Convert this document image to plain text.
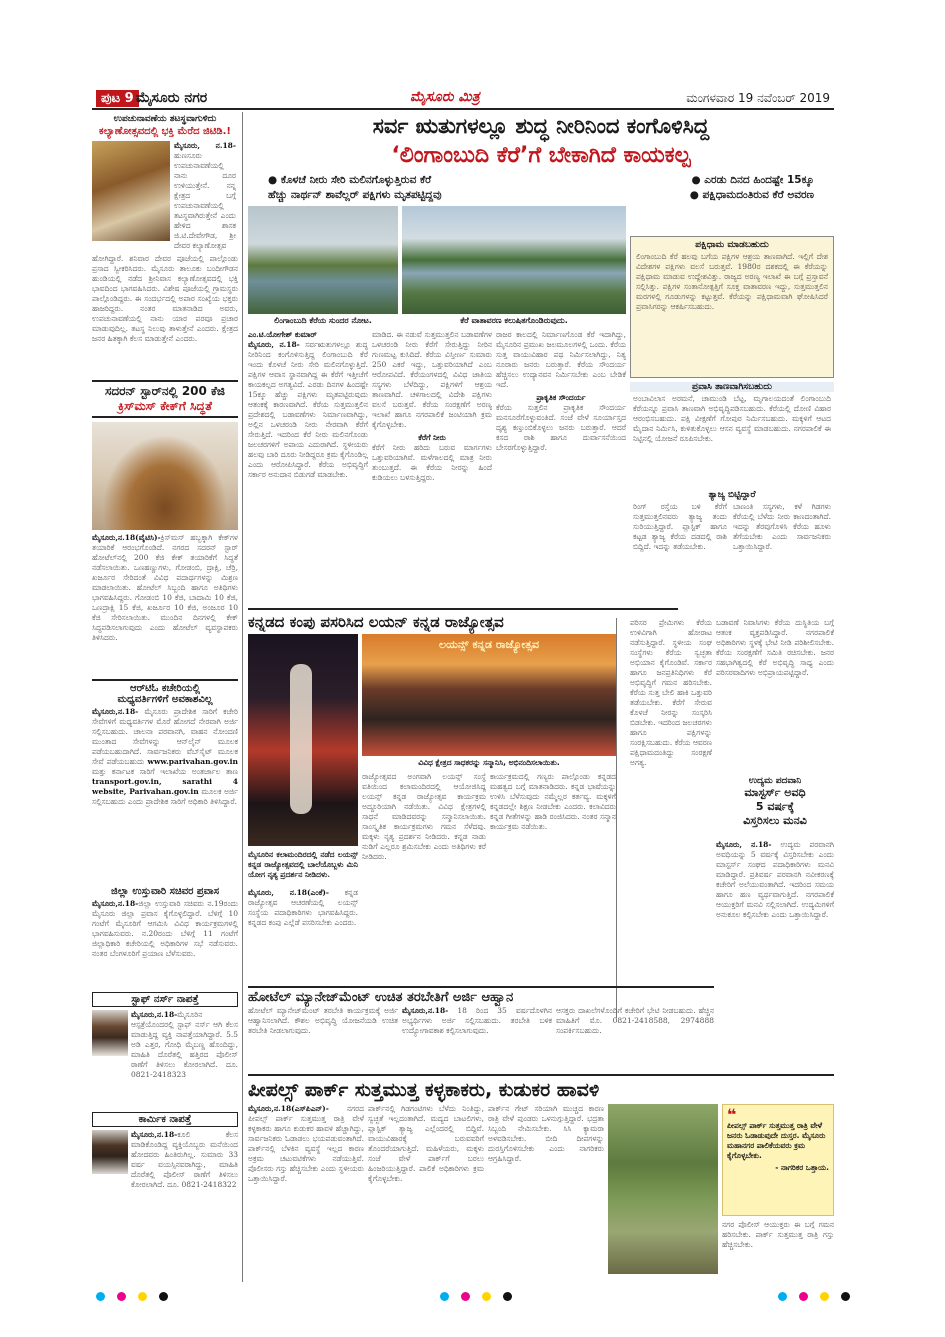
ಪುಟ 9 ಮೈಸೂರು ನಗರ	ಮೈಸೂರು ಮಿತ್ರ	ಮಂಗಳವಾರ 19 ನವೆಂಬರ್ 2019
ಉಪಚುನಾವಣೆಯ ತಟಸ್ಥವಾಗುಳಿದು
ಕಲ್ಯಾಣೋತ್ಸವದಲ್ಲಿ ಭಕ್ತಿ ಮೆರೆದ ಜಿಟಿಡಿ.!
ಮೈಸೂರು, ನ.18-ಹುಣಸೂರು ಉಪಚುನಾವಣೆಯಲ್ಲಿ ನಾನು ದೂರ ಉಳಿಯುತ್ತೇನೆ. ನನ್ನ ಕ್ಷೇತ್ರದ ಬಗ್ಗೆ ಉಪಚುನಾವಣೆಯಲ್ಲಿ ತಟಸ್ಥವಾಗಿರುತ್ತೇನೆ ಎಂದು ಹೇಳಿದ ಶಾಸಕ ಜಿ.ಟಿ.ದೇವೇಗೌಡ, ಶ್ರೀ ದೇವರ ಕಲ್ಯಾಣೋತ್ಸವ
ಹೋಗಿದ್ದಾರೆ. ಶನಿವಾರ ದೇವರ ಪೂಜೆಯಲ್ಲಿ ಪಾಲ್ಗೊಂಡು ಪ್ರಸಾದ ಸ್ವೀಕರಿಸಿದರು. ಮೈಸೂರು ತಾಲೂಕು ಬಂದೀಗೌಡನ ಹುಂಡಿಯಲ್ಲಿ ನಡೆದ ಶ್ರೀನಿವಾಸ ಕಲ್ಯಾಣೋತ್ಸವದಲ್ಲಿ ಭಕ್ತಿ ಭಾವದಿಂದ ಭಾಗವಹಿಸಿದರು. ವಿಶೇಷ ಪೂಜೆಯಲ್ಲಿ ಗ್ರಾಮಸ್ಥರು ಪಾಲ್ಗೊಂಡಿದ್ದರು. ಈ ಸಂದರ್ಭದಲ್ಲಿ ಅಪಾರ ಸಂಖ್ಯೆಯ ಭಕ್ತರು ಹಾಜರಿದ್ದರು. ನಂತರ ಮಾತನಾಡಿದ ಅವರು, ಉಪಚುನಾವಣೆಯಲ್ಲಿ ನಾನು ಯಾರ ಪರವೂ ಪ್ರಚಾರ ಮಾಡುವುದಿಲ್ಲ. ತಟಸ್ಥ ನಿಲುವು ತಾಳುತ್ತೇನೆ ಎಂದರು. ಕ್ಷೇತ್ರದ ಜನರ ಹಿತಕ್ಕಾಗಿ ಕೆಲಸ ಮಾಡುತ್ತೇನೆ ಎಂದರು.
ಸದರನ್ ಸ್ಟಾರ್‌ನಲ್ಲಿ 200 ಕೆಜಿ
ಕ್ರಿಸ್‌ಮಸ್ ಕೇಕ್‌ಗೆ ಸಿದ್ಧತೆ
ಮೈಸೂರು,ನ.18(ವೈಟಿಸಿ)-ಕ್ರಿಸ್‌ಮಸ್ ಹಬ್ಬಕ್ಕಾಗಿ ಕೇಕ್‌ಗಳ ತಯಾರಿಕೆ ಆರಂಭಗೊಂಡಿದೆ. ನಗರದ ಸದರನ್ ಸ್ಟಾರ್ ಹೋಟೆಲ್‌ನಲ್ಲಿ 200 ಕೆಜಿ ಕೇಕ್ ತಯಾರಿಕೆಗೆ ಸಿದ್ಧತೆ ನಡೆಸಲಾಯಿತು. ಒಣಹಣ್ಣುಗಳು, ಗೋಡಂಬಿ, ದ್ರಾಕ್ಷಿ, ಚೆರ್ರಿ, ಖರ್ಜೂರ ಸೇರಿದಂತೆ ವಿವಿಧ ಪದಾರ್ಥಗಳನ್ನು ಮಿಶ್ರಣ ಮಾಡಲಾಯಿತು. ಹೋಟೆಲ್ ಸಿಬ್ಬಂದಿ ಹಾಗೂ ಅತಿಥಿಗಳು ಭಾಗವಹಿಸಿದ್ದರು. ಗೋಡಂಬಿ 10 ಕೆಜಿ, ಬಾದಾಮಿ 10 ಕೆಜಿ, ಒಣದ್ರಾಕ್ಷಿ 15 ಕೆಜಿ, ಖರ್ಜೂರ 10 ಕೆಜಿ, ಅಂಜೂರ 10 ಕೆಜಿ ಸೇರಿಸಲಾಯಿತು. ಮುಂದಿನ ದಿನಗಳಲ್ಲಿ ಕೇಕ್ ಸಿದ್ಧಪಡಿಸಲಾಗುವುದು ಎಂದು ಹೋಟೆಲ್ ವ್ಯವಸ್ಥಾಪಕರು ತಿಳಿಸಿದರು.
ಆರ್‌ಟಿಓ ಕಚೇರಿಯಲ್ಲಿ
ಮಧ್ಯವರ್ತಿಗಳಿಗೆ ಅವಕಾಶವಿಲ್ಲ
ಮೈಸೂರು,ನ.18- ಮೈಸೂರು ಪ್ರಾದೇಶಿಕ ಸಾರಿಗೆ ಕಚೇರಿ ಸೇವೆಗಳಿಗೆ ಮಧ್ಯವರ್ತಿಗಳ ಮೊರೆ ಹೋಗದೆ ನೇರವಾಗಿ ಅರ್ಜಿ ಸಲ್ಲಿಸಬಹುದು. ಚಾಲನಾ ಪರವಾನಗಿ, ವಾಹನ ನೋಂದಣಿ ಮುಂತಾದ ಸೇವೆಗಳನ್ನು ಆನ್‌ಲೈನ್ ಮೂಲಕ ಪಡೆಯಬಹುದಾಗಿದೆ. ಸಾರ್ವಜನಿಕರು ವೆಬ್‌ಸೈಟ್ ಮೂಲಕ ಸೇವೆ ಪಡೆಯಬಹುದು www.parivahan.gov.in ಮತ್ತು ಕರ್ನಾಟಕ ಸಾರಿಗೆ ಇಲಾಖೆಯ ಅಂತರ್ಜಾಲ ತಾಣ transport.gov.in, sarathi 4 website, Parivahan.gov.in ಮೂಲಕ ಅರ್ಜಿ ಸಲ್ಲಿಸಬಹುದು ಎಂದು ಪ್ರಾದೇಶಿಕ ಸಾರಿಗೆ ಅಧಿಕಾರಿ ತಿಳಿಸಿದ್ದಾರೆ.
ಜಿಲ್ಲಾ ಉಸ್ತುವಾರಿ ಸಚಿವರ ಪ್ರವಾಸ
ಮೈಸೂರು,ನ.18-ಜಿಲ್ಲಾ ಉಸ್ತುವಾರಿ ಸಚಿವರು ನ.19ರಂದು ಮೈಸೂರು ಜಿಲ್ಲಾ ಪ್ರವಾಸ ಕೈಗೊಳ್ಳಲಿದ್ದಾರೆ. ಬೆಳಿಗ್ಗೆ 10 ಗಂಟೆಗೆ ಮೈಸೂರಿಗೆ ಆಗಮಿಸಿ ವಿವಿಧ ಕಾರ್ಯಕ್ರಮಗಳಲ್ಲಿ ಭಾಗವಹಿಸುವರು. ನ.20ರಂದು ಬೆಳಿಗ್ಗೆ 11 ಗಂಟೆಗೆ ಜಿಲ್ಲಾಧಿಕಾರಿ ಕಚೇರಿಯಲ್ಲಿ ಅಧಿಕಾರಿಗಳ ಸಭೆ ನಡೆಸುವರು. ನಂತರ ಬೆಂಗಳೂರಿಗೆ ಪ್ರಯಾಣ ಬೆಳೆಸುವರು.
ಸ್ಟಾಫ್ ನರ್ಸ್ ನಾಪತ್ತೆ
ಮೈಸೂರು,ನ.18-ಮೈಸೂರಿನ ಆಸ್ಪತ್ರೆಯೊಂದರಲ್ಲಿ ಸ್ಟಾಫ್ ನರ್ಸ್ ಆಗಿ ಕೆಲಸ ಮಾಡುತ್ತಿದ್ದ ವ್ಯಕ್ತಿ ನಾಪತ್ತೆಯಾಗಿದ್ದಾರೆ. 5.5 ಅಡಿ ಎತ್ತರ, ಗೋಧಿ ಮೈಬಣ್ಣ ಹೊಂದಿದ್ದು, ಮಾಹಿತಿ ದೊರೆತಲ್ಲಿ ಹತ್ತಿರದ ಪೊಲೀಸ್ ಠಾಣೆಗೆ ತಿಳಿಸಲು ಕೋರಲಾಗಿದೆ. ದೂ. 0821-2418323
ಕಾರ್ಮಿಕ ನಾಪತ್ತೆ
ಮೈಸೂರು,ನ.18-ಕೂಲಿ ಕೆಲಸ ಮಾಡಿಕೊಂಡಿದ್ದ ವ್ಯಕ್ತಿಯೊಬ್ಬರು ಮನೆಯಿಂದ ಹೋದವರು ಹಿಂತಿರುಗಿಲ್ಲ. ಸುಮಾರು 33 ವರ್ಷ ವಯಸ್ಸಿನವರಾಗಿದ್ದು, ಮಾಹಿತಿ ದೊರೆತಲ್ಲಿ ಪೊಲೀಸ್ ಠಾಣೆಗೆ ತಿಳಿಸಲು ಕೋರಲಾಗಿದೆ. ದೂ. 0821-2418322
ಸರ್ವ ಋತುಗಳಲ್ಲೂ ಶುದ್ಧ ನೀರಿನಿಂದ ಕಂಗೊಳಿಸಿದ್ದ
‘ಲಿಂಗಾಂಬುದಿ ಕೆರೆ’ಗೆ ಬೇಕಾಗಿದೆ ಕಾಯಕಲ್ಪ
● ಕೊಳಚೆ ನೀರು ಸೇರಿ ಮಲಿನಗೊಳ್ಳುತ್ತಿರುವ ಕೆರೆ	● ಎರಡು ದಿನದ ಹಿಂದಷ್ಟೇ 15ಕ್ಕೂ
ಹೆಚ್ಚು ನಾರ್ಥನ್ ಶಾವೆಲ್ಲರ್ ಪಕ್ಷಿಗಳು ಮೃತಪಟ್ಟಿದ್ದವು	● ಪಕ್ಷಿಧಾಮದಂತಿರುವ ಕೆರೆ ಅವರಣ
ಲಿಂಗಾಂಬುದಿ ಕೆರೆಯ ಸುಂದರ ನೋಟ.	ಕೆರೆ ವಾತಾವರಣ ಕಲುಷಿತಗೊಂಡಿರುವುದು.
ಎಂ.ಟಿ.ಯೋಗೇಶ್ ಕುಮಾರ್
ಮೈಸೂರು, ನ.18- ಸರ್ವಋತುಗಳಲ್ಲೂ ಶುದ್ಧ ನೀರಿನಿಂದ ಕಂಗೊಳಿಸುತ್ತಿದ್ದ ಲಿಂಗಾಂಬುದಿ ಕೆರೆ ಇಂದು ಕೊಳಚೆ ನೀರು ಸೇರಿ ಮಲಿನಗೊಳ್ಳುತ್ತಿದೆ. ಪಕ್ಷಿಗಳ ಆವಾಸ ಸ್ಥಾನವಾಗಿದ್ದ ಈ ಕೆರೆಗೆ ಇತ್ತೀಚೆಗೆ ಕಾಯಕಲ್ಪದ ಅಗತ್ಯವಿದೆ. ಎರಡು ದಿನಗಳ ಹಿಂದಷ್ಟೇ 15ಕ್ಕೂ ಹೆಚ್ಚು ಪಕ್ಷಿಗಳು ಮೃತಪಟ್ಟಿರುವುದು ಆತಂಕಕ್ಕೆ ಕಾರಣವಾಗಿದೆ. ಕೆರೆಯ ಸುತ್ತಮುತ್ತಲಿನ ಪ್ರದೇಶದಲ್ಲಿ ಬಡಾವಣೆಗಳು ನಿರ್ಮಾಣವಾಗಿದ್ದು, ಅಲ್ಲಿನ ಒಳಚರಂಡಿ ನೀರು ನೇರವಾಗಿ ಕೆರೆಗೆ ಸೇರುತ್ತಿದೆ. ಇದರಿಂದ ಕೆರೆ ನೀರು ಮಲಿನಗೊಂಡು ಜಲಚರಗಳಿಗೆ ಅಪಾಯ ಎದುರಾಗಿದೆ. ಸ್ಥಳೀಯರು ಹಲವು ಬಾರಿ ದೂರು ನೀಡಿದ್ದರೂ ಕ್ರಮ ಕೈಗೊಂಡಿಲ್ಲ ಎಂದು ಆರೋಪಿಸಿದ್ದಾರೆ. ಕೆರೆಯ ಅಭಿವೃದ್ಧಿಗೆ ಸರ್ಕಾರ ಅನುದಾನ ಬಿಡುಗಡೆ ಮಾಡಬೇಕು.
ಮಾಡಿದ. ಈ ನಡುವೆ ಸುತ್ತಮುತ್ತಲಿನ ಬಡಾವಣೆಗಳ ಒಳಚರಂಡಿ ನೀರು ಕೆರೆಗೆ ಸೇರುತ್ತಿದ್ದು ನೀರಿನ ಗುಣಮಟ್ಟ ಕುಸಿದಿದೆ. ಕೆರೆಯ ವಿಸ್ತೀರ್ಣ ಸುಮಾರು 250 ಎಕರೆ ಇದ್ದು, ಒತ್ತುವರಿಯಾಗಿದೆ ಎಂಬ ಆರೋಪವಿದೆ. ಕೆರೆಯಂಗಳದಲ್ಲಿ ವಿವಿಧ ಜಾತಿಯ ಸಸ್ಯಗಳು ಬೆಳೆದಿದ್ದು, ಪಕ್ಷಿಗಳಿಗೆ ಆಶ್ರಯ ತಾಣವಾಗಿದೆ. ಚಳಿಗಾಲದಲ್ಲಿ ವಿದೇಶಿ ಪಕ್ಷಿಗಳು ವಲಸೆ ಬರುತ್ತವೆ. ಕೆರೆಯ ಸಂರಕ್ಷಣೆಗೆ ಅರಣ್ಯ ಇಲಾಖೆ ಹಾಗೂ ನಗರಪಾಲಿಕೆ ಜಂಟಿಯಾಗಿ ಕ್ರಮ ಕೈಗೊಳ್ಳಬೇಕು.
ಕೆರೆಗೆ ನೀರು
ಕೆರೆಗೆ ನೀರು ಹರಿದು ಬರುವ ಮಾರ್ಗಗಳು ಒತ್ತುವರಿಯಾಗಿವೆ. ಮಳೆಗಾಲದಲ್ಲಿ ಮಾತ್ರ ನೀರು ತುಂಬುತ್ತದೆ. ಈ ಕೆರೆಯ ನೀರನ್ನು ಹಿಂದೆ ಕುಡಿಯಲು ಬಳಸುತ್ತಿದ್ದರು.
ರಾಜರ ಕಾಲದಲ್ಲಿ ನಿರ್ಮಾಣಗೊಂಡ ಕೆರೆ ಇದಾಗಿದ್ದು, ಮೈಸೂರಿನ ಪ್ರಮುಖ ಜಲಮೂಲಗಳಲ್ಲಿ ಒಂದು. ಕೆರೆಯ ಸುತ್ತ ವಾಯುವಿಹಾರ ಪಥ ನಿರ್ಮಿಸಲಾಗಿದ್ದು, ನಿತ್ಯ ನೂರಾರು ಜನರು ಬರುತ್ತಾರೆ. ಕೆರೆಯ ಸೌಂದರ್ಯ ಹೆಚ್ಚಿಸಲು ಉದ್ಯಾನವನ ನಿರ್ಮಿಸಬೇಕು ಎಂಬ ಬೇಡಿಕೆ ಇದೆ.
ಪ್ರಾಕೃತಿಕ ಸೌಂದರ್ಯ
ಕೆರೆಯ ಸುತ್ತಲಿನ ಪ್ರಾಕೃತಿಕ ಸೌಂದರ್ಯ ಮನಸೂರೆಗೊಳ್ಳುವಂತಿದೆ. ಸಂಜೆ ವೇಳೆ ಸೂರ್ಯಾಸ್ತದ ದೃಶ್ಯ ಕಣ್ತುಂಬಿಕೊಳ್ಳಲು ಜನರು ಬರುತ್ತಾರೆ. ಆದರೆ ಕಸದ ರಾಶಿ ಹಾಗೂ ದುರ್ವಾಸನೆಯಿಂದ ಬೇಸರಗೊಳ್ಳುತ್ತಿದ್ದಾರೆ.
ಪಕ್ಷಿಧಾಮ ಮಾಡಬಹುದು
ಲಿಂಗಾಂಬುದಿ ಕೆರೆ ಹಲವು ಬಗೆಯ ಪಕ್ಷಿಗಳ ಆಶ್ರಯ ತಾಣವಾಗಿದೆ. ಇಲ್ಲಿಗೆ ದೇಶ ವಿದೇಶಗಳ ಪಕ್ಷಿಗಳು ವಲಸೆ ಬರುತ್ತವೆ. 1980ರ ದಶಕದಲ್ಲಿ ಈ ಕೆರೆಯನ್ನು ಪಕ್ಷಿಧಾಮ ಮಾಡುವ ಉದ್ದೇಶವಿತ್ತು. ರಾಜ್ಯದ ಅರಣ್ಯ ಇಲಾಖೆ ಈ ಬಗ್ಗೆ ಪ್ರಸ್ತಾವನೆ ಸಲ್ಲಿಸಿತ್ತು. ಪಕ್ಷಿಗಳ ಸಂತಾನೋತ್ಪತ್ತಿಗೆ ಸೂಕ್ತ ವಾತಾವರಣ ಇದ್ದು, ಸುತ್ತಮುತ್ತಲಿನ ಮರಗಳಲ್ಲಿ ಗೂಡುಗಳನ್ನು ಕಟ್ಟುತ್ತವೆ. ಕೆರೆಯನ್ನು ಪಕ್ಷಿಧಾಮವಾಗಿ ಘೋಷಿಸಿದರೆ ಪ್ರವಾಸಿಗರನ್ನು ಆಕರ್ಷಿಸಬಹುದು.
ಪ್ರವಾಸಿ ತಾಣವಾಗಿಸಬಹುದು
ಅಂಬಾವಿಲಾಸ ಅರಮನೆ, ಚಾಮುಂಡಿ ಬೆಟ್ಟ, ಮೃಗಾಲಯದಂತೆ ಲಿಂಗಾಂಬುದಿ ಕೆರೆಯನ್ನೂ ಪ್ರವಾಸಿ ತಾಣವಾಗಿ ಅಭಿವೃದ್ಧಿಪಡಿಸಬಹುದು. ಕೆರೆಯಲ್ಲಿ ದೋಣಿ ವಿಹಾರ ಆರಂಭಿಸಬಹುದು. ಪಕ್ಷಿ ವೀಕ್ಷಣೆಗೆ ಗೋಪುರ ನಿರ್ಮಿಸಬಹುದು. ಮಕ್ಕಳಿಗೆ ಆಟದ ಮೈದಾನ ನಿರ್ಮಿಸಿ, ಕುಳಿತುಕೊಳ್ಳಲು ಆಸನ ವ್ಯವಸ್ಥೆ ಮಾಡಬಹುದು. ನಗರಪಾಲಿಕೆ ಈ ನಿಟ್ಟಿನಲ್ಲಿ ಯೋಜನೆ ರೂಪಿಸಬೇಕು.
ತ್ಯಾಜ್ಯ ಬಿಟ್ಟಿದ್ದಾರೆ
ರಿಂಗ್ ರಸ್ತೆಯ ಬಳಿ ಕೆರೆಗೆ ಸುತ್ತಮುತ್ತಲಿನವರು ತ್ಯಾಜ್ಯ ತಂದು ಸುರಿಯುತ್ತಿದ್ದಾರೆ. ಪ್ಲಾಸ್ಟಿಕ್ ಹಾಗೂ ಕಟ್ಟಡ ತ್ಯಾಜ್ಯ ಕೆರೆಯ ದಡದಲ್ಲಿ ರಾಶಿ ಬಿದ್ದಿದೆ. ಇದನ್ನು ತಡೆಯಬೇಕು.
ಬಾಣಂತಿ ಸಸ್ಯಗಳು, ಕಳೆ ಗಿಡಗಳು ಕೆರೆಯಲ್ಲಿ ಬೆಳೆದು ನೀರು ಕಾಣದಂತಾಗಿದೆ. ಇದನ್ನು ತೆರವುಗೊಳಿಸಿ ಕೆರೆಯ ಹೂಳು ತೆಗೆಯಬೇಕು ಎಂದು ಸಾರ್ವಜನಿಕರು ಒತ್ತಾಯಿಸಿದ್ದಾರೆ.
ಕನ್ನಡದ ಕಂಪು ಪಸರಿಸಿದ ಲಯನ್ ಕನ್ನಡ ರಾಜ್ಯೋತ್ಸವ
ಮೈಸೂರಿನ ಕಲಾಮಂದಿರದಲ್ಲಿ ನಡೆದ ಲಯನ್ಸ್ ಕನ್ನಡ ರಾಜ್ಯೋತ್ಸವದಲ್ಲಿ ಬಾಲೆಯೊಬ್ಬಳು ಮಿನಿ ಯೋಗ ನೃತ್ಯ ಪ್ರದರ್ಶನ ನೀಡಿದಳು.
ಲಯನ್ಸ್ ಕನ್ನಡ ರಾಜ್ಯೋತ್ಸವ
ವಿವಿಧ ಕ್ಷೇತ್ರದ ಸಾಧಕರನ್ನು ಸನ್ಮಾನಿಸಿ, ಅಭಿನಂದಿಸಲಾಯಿತು.
ರಾಜ್ಯೋತ್ಸವದ ಅಂಗವಾಗಿ ಲಯನ್ಸ್ ಸಂಸ್ಥೆ ವತಿಯಿಂದ ಕಲಾಮಂದಿರದಲ್ಲಿ ಆಯೋಜಿಸಿದ್ದ ಲಯನ್ಸ್ ಕನ್ನಡ ರಾಜ್ಯೋತ್ಸವ ಕಾರ್ಯಕ್ರಮ ಅದ್ದೂರಿಯಾಗಿ ನಡೆಯಿತು. ವಿವಿಧ ಕ್ಷೇತ್ರಗಳಲ್ಲಿ ಸಾಧನೆ ಮಾಡಿದವರನ್ನು ಸನ್ಮಾನಿಸಲಾಯಿತು. ಸಾಂಸ್ಕೃತಿಕ ಕಾರ್ಯಕ್ರಮಗಳು ಗಮನ ಸೆಳೆದವು. ಮಕ್ಕಳು ನೃತ್ಯ ಪ್ರದರ್ಶನ ನೀಡಿದರು. ಕನ್ನಡ ನಾಡು ನುಡಿಗೆ ಎಲ್ಲರೂ ಶ್ರಮಿಸಬೇಕು ಎಂದು ಅತಿಥಿಗಳು ಕರೆ ನೀಡಿದರು.
ಕಾರ್ಯಕ್ರಮದಲ್ಲಿ ಗಣ್ಯರು ಪಾಲ್ಗೊಂಡು ಕನ್ನಡದ ಮಹತ್ವದ ಬಗ್ಗೆ ಮಾತನಾಡಿದರು. ಕನ್ನಡ ಭಾಷೆಯನ್ನು ಉಳಿಸಿ ಬೆಳೆಸುವುದು ನಮ್ಮೆಲ್ಲರ ಕರ್ತವ್ಯ. ಮಕ್ಕಳಿಗೆ ಕನ್ನಡದಲ್ಲೇ ಶಿಕ್ಷಣ ನೀಡಬೇಕು ಎಂದರು. ಕಲಾವಿದರು ಕನ್ನಡ ಗೀತೆಗಳನ್ನು ಹಾಡಿ ರಂಜಿಸಿದರು. ನಂತರ ಸನ್ಮಾನ ಕಾರ್ಯಕ್ರಮ ನಡೆಯಿತು.
ಮೈಸೂರು, ನ.18(ಎಂಕೆ)- ಕನ್ನಡ ರಾಜ್ಯೋತ್ಸವ ಆಚರಣೆಯಲ್ಲಿ ಲಯನ್ಸ್ ಸಂಸ್ಥೆಯ ಪದಾಧಿಕಾರಿಗಳು ಭಾಗವಹಿಸಿದ್ದರು. ಕನ್ನಡದ ಕಂಪು ಎಲ್ಲೆಡೆ ಪಸರಿಸಬೇಕು ಎಂದರು.
ಪರಿಸರ ಪ್ರೇಮಿಗಳು ಕೆರೆಯ ಉಳಿವಿಗಾಗಿ ಹೋರಾಟ ನಡೆಸುತ್ತಿದ್ದಾರೆ. ಸ್ಥಳೀಯ ಸಂಘ ಸಂಸ್ಥೆಗಳು ಕೆರೆಯ ಸ್ವಚ್ಛತಾ ಅಭಿಯಾನ ಕೈಗೊಂಡಿವೆ. ಸರ್ಕಾರ ಹಾಗೂ ಜನಪ್ರತಿನಿಧಿಗಳು ಕೆರೆ ಅಭಿವೃದ್ಧಿಗೆ ಗಮನ ಹರಿಸಬೇಕು. ಕೆರೆಯ ಸುತ್ತ ಬೇಲಿ ಹಾಕಿ ಒತ್ತುವರಿ ತಡೆಯಬೇಕು. ಕೆರೆಗೆ ಸೇರುವ ಕೊಳಚೆ ನೀರನ್ನು ಸಂಸ್ಕರಿಸಿ ಬಿಡಬೇಕು. ಇದರಿಂದ ಜಲಚರಗಳು ಹಾಗೂ ಪಕ್ಷಿಗಳನ್ನು ಸಂರಕ್ಷಿಸಬಹುದು. ಕೆರೆಯ ಆವರಣ ಪಕ್ಷಿಧಾಮದಂತಿದ್ದು ಸಂರಕ್ಷಣೆ ಅಗತ್ಯ.
ಬಡಾವಣೆ ನಿವಾಸಿಗಳು ಕೆರೆಯ ದುಸ್ಥಿತಿಯ ಬಗ್ಗೆ ಆತಂಕ ವ್ಯಕ್ತಪಡಿಸಿದ್ದಾರೆ. ನಗರಪಾಲಿಕೆ ಅಧಿಕಾರಿಗಳು ಸ್ಥಳಕ್ಕೆ ಭೇಟಿ ನೀಡಿ ಪರಿಶೀಲಿಸಬೇಕು. ಕೆರೆಯ ಸಂರಕ್ಷಣೆಗೆ ಸಮಿತಿ ರಚಿಸಬೇಕು. ಜನರ ಸಹಭಾಗಿತ್ವದಲ್ಲಿ ಕೆರೆ ಅಭಿವೃದ್ಧಿ ಸಾಧ್ಯ ಎಂದು ಪರಿಸರವಾದಿಗಳು ಅಭಿಪ್ರಾಯಪಟ್ಟಿದ್ದಾರೆ.
ಉದ್ಯಮ ಪದವಾನಿ
ಮಾಸ್ಟರ್ಸ್ ಅವಧಿ
5 ವರ್ಷಕ್ಕೆ
ವಿಸ್ತರಿಸಲು ಮನವಿ
ಮೈಸೂರು, ನ.18- ಉದ್ಯಮ ಪರವಾನಗಿ ಅವಧಿಯನ್ನು 5 ವರ್ಷಕ್ಕೆ ವಿಸ್ತರಿಸಬೇಕು ಎಂದು ಮಾಸ್ಟರ್ಸ್ ಸಂಘದ ಪದಾಧಿಕಾರಿಗಳು ಮನವಿ ಮಾಡಿದ್ದಾರೆ. ಪ್ರತಿವರ್ಷ ಪರವಾನಗಿ ನವೀಕರಣಕ್ಕೆ ಕಚೇರಿಗೆ ಅಲೆಯುವಂತಾಗಿದೆ. ಇದರಿಂದ ಸಮಯ ಹಾಗೂ ಹಣ ವ್ಯರ್ಥವಾಗುತ್ತಿದೆ. ನಗರಪಾಲಿಕೆ ಆಯುಕ್ತರಿಗೆ ಮನವಿ ಸಲ್ಲಿಸಲಾಗಿದೆ. ಉದ್ಯಮಿಗಳಿಗೆ ಅನುಕೂಲ ಕಲ್ಪಿಸಬೇಕು ಎಂದು ಒತ್ತಾಯಿಸಿದ್ದಾರೆ.
ಹೋಟೆಲ್ ಮ್ಯಾನೇಜ್‌ಮೆಂಟ್ ಉಚಿತ ತರಬೇತಿಗೆ ಅರ್ಜಿ ಆಹ್ವಾನ
ಹೋಟೆಲ್ ಮ್ಯಾನೇಜ್‌ಮೆಂಟ್ ತರಬೇತಿ ಕಾರ್ಯಕ್ರಮಕ್ಕೆ ಅರ್ಜಿ ಆಹ್ವಾನಿಸಲಾಗಿದೆ. ಕೌಶಲ ಅಭಿವೃದ್ಧಿ ಯೋಜನೆಯಡಿ ಉಚಿತ ತರಬೇತಿ ನೀಡಲಾಗುವುದು.
ಮೈಸೂರು,ನ.18- 18 ರಿಂದ 35 ವರ್ಷದೊಳಗಿನ ಅಭ್ಯರ್ಥಿಗಳು ಅರ್ಜಿ ಸಲ್ಲಿಸಬಹುದು. ತರಬೇತಿ ಬಳಿಕ ಉದ್ಯೋಗಾವಕಾಶ ಕಲ್ಪಿಸಲಾಗುವುದು.
ಆಸಕ್ತರು ದಾಖಲೆಗಳೊಂದಿಗೆ ಕಚೇರಿಗೆ ಭೇಟಿ ನೀಡಬಹುದು. ಹೆಚ್ಚಿನ ಮಾಹಿತಿಗೆ ಮೊ. 0821-2418588, 2974888 ಸಂಪರ್ಕಿಸಬಹುದು.
ಪೀಪಲ್ಸ್ ಪಾರ್ಕ್ ಸುತ್ತಮುತ್ತ ಕಳ್ಳಕಾಕರು, ಕುಡುಕರ ಹಾವಳಿ
ಮೈಸೂರು,ನ.18(ಎಸ್‌ಪಿಎನ್)- ನಗರದ ಪೀಪಲ್ಸ್ ಪಾರ್ಕ್ ಸುತ್ತಮುತ್ತ ರಾತ್ರಿ ವೇಳೆ ಕಳ್ಳಕಾಕರು ಹಾಗೂ ಕುಡುಕರ ಹಾವಳಿ ಹೆಚ್ಚಾಗಿದ್ದು, ಸಾರ್ವಜನಿಕರು ಓಡಾಡಲು ಭಯಪಡುವಂತಾಗಿದೆ. ಪಾರ್ಕ್‌ನಲ್ಲಿ ಬೆಳಕಿನ ವ್ಯವಸ್ಥೆ ಇಲ್ಲದ ಕಾರಣ ಅಕ್ರಮ ಚಟುವಟಿಕೆಗಳು ನಡೆಯುತ್ತಿವೆ. ಪೊಲೀಸರು ಗಸ್ತು ಹೆಚ್ಚಿಸಬೇಕು ಎಂದು ಸ್ಥಳೀಯರು ಒತ್ತಾಯಿಸಿದ್ದಾರೆ.
ಪಾರ್ಕ್‌ನಲ್ಲಿ ಗಿಡಗಂಟಿಗಳು ಬೆಳೆದು ನಿಂತಿದ್ದು, ಸ್ವಚ್ಛತೆ ಇಲ್ಲದಂತಾಗಿದೆ. ಮದ್ಯದ ಬಾಟಲಿಗಳು, ಪ್ಲಾಸ್ಟಿಕ್ ತ್ಯಾಜ್ಯ ಎಲ್ಲೆಂದರಲ್ಲಿ ಬಿದ್ದಿವೆ. ವಾಯುವಿಹಾರಕ್ಕೆ ಬರುವವರಿಗೆ ತೊಂದರೆಯಾಗುತ್ತಿದೆ. ಮಹಿಳೆಯರು, ಮಕ್ಕಳು ಸಂಜೆ ವೇಳೆ ಪಾರ್ಕ್‌ಗೆ ಬರಲು ಹಿಂಜರಿಯುತ್ತಿದ್ದಾರೆ. ಪಾಲಿಕೆ ಅಧಿಕಾರಿಗಳು ಕ್ರಮ ಕೈಗೊಳ್ಳಬೇಕು.
ಪಾರ್ಕ್‌ನ ಗೇಟ್ ಸರಿಯಾಗಿ ಮುಚ್ಚದ ಕಾರಣ ರಾತ್ರಿ ವೇಳೆ ಪುಂಡರು ಒಳನುಗ್ಗುತ್ತಿದ್ದಾರೆ. ಭದ್ರತಾ ಸಿಬ್ಬಂದಿ ನೇಮಿಸಬೇಕು. ಸಿಸಿ ಕ್ಯಾಮರಾ ಅಳವಡಿಸಬೇಕು. ಬೀದಿ ದೀಪಗಳನ್ನು ದುರಸ್ತಿಗೊಳಿಸಬೇಕು ಎಂದು ನಾಗರಿಕರು ಆಗ್ರಹಿಸಿದ್ದಾರೆ.
❝
ಪೀಪಲ್ಸ್ ಪಾರ್ಕ್ ಸುತ್ತಮುತ್ತ ರಾತ್ರಿ ವೇಳೆ ಜನರು ಓಡಾಡುವುದೇ ದುಸ್ತರ. ಮೈಸೂರು ಮಹಾನಗರ ಪಾಲಿಕೆಯವರು ಕ್ರಮ ಕೈಗೊಳ್ಳಬೇಕು.
- ನಾಗರಿಕರ ಒತ್ತಾಯ.
ನಗರ ಪೊಲೀಸ್ ಆಯುಕ್ತರು ಈ ಬಗ್ಗೆ ಗಮನ ಹರಿಸಬೇಕು. ಪಾರ್ಕ್ ಸುತ್ತಮುತ್ತ ರಾತ್ರಿ ಗಸ್ತು ಹೆಚ್ಚಿಸಬೇಕು.
